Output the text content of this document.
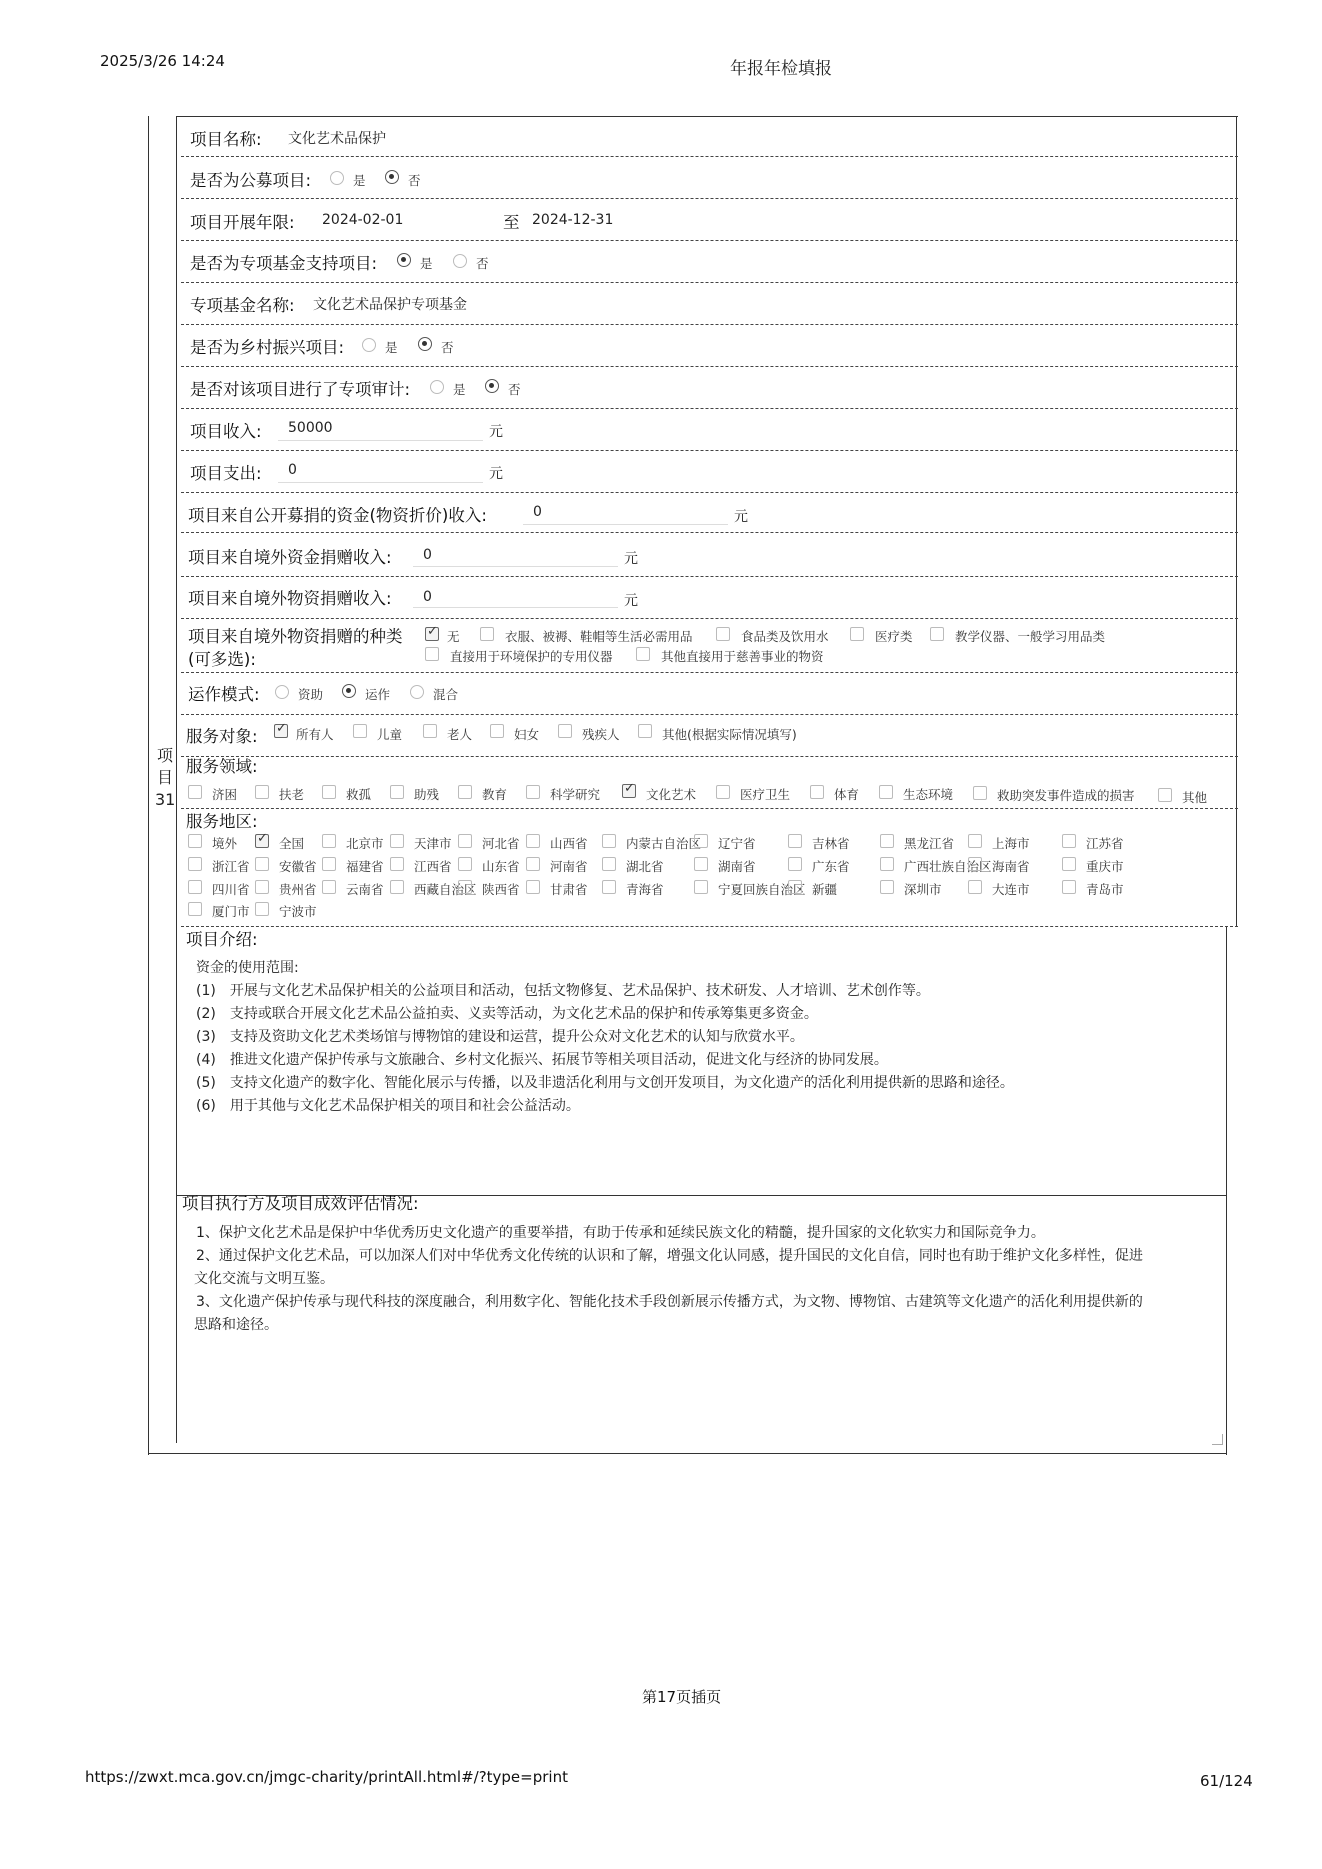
2025/3/26 14:24	年报年检填报
项目31
项目名称: 文化艺术品保护
是否为公募项目:	是	否
项目开展年限: 2024-02-01	至 2024-12-31
是否为专项基金支持项目:	是	否
专项基金名称: 文化艺术品保护专项基金
是否为乡村振兴项目:	是	否
是否对该项目进行了专项审计:	是	否
项目收入: 50000	元
项目支出: 0	元
项目来自公开募捐的资金(物资折价)收入:	0	元
项目来自境外资金捐赠收入: 0	元
项目来自境外物资捐赠收入: 0	元
项目来自境外物资捐赠的种类
(可多选):
✓
无	衣服、被褥、鞋帽等生活必需用品	食品类及饮用水	医疗类	教学仪器、一般学习用品类
直接用于环境保护的专用仪器	其他直接用于慈善事业的物资
运作模式:	资助	运作	混合
服务对象: ✓	所有人	儿童	老人	妇女	残疾人	其他(根据实际情况填写)
服务领域:
济困	扶老	救孤	助残	教育	科学研究 ✓	文化艺术	医疗卫生	体育	生态环境	救助突发事件造成的损害	其他
服务地区:
境外 ✓	全国	北京市 天津市 河北省 山西省	内蒙古自治区 辽宁省	吉林省	黑龙江省	上海市	江苏省
浙江省 安徽省 福建省 江西省 山东省 河南省	湖北省	湖南省	广东省	广西壮族自治区 海南省	重庆市
四川省 贵州省 云南省 西藏自治区 陕西省 甘肃省	青海省	宁夏回族自治区 新疆	深圳市	大连市	青岛市
厦门市 宁波市
项目介绍:
资金的使用范围:
(1)　开展与文化艺术品保护相关的公益项目和活动，包括文物修复、艺术品保护、技术研发、人才培训、艺术创作等。
(2)　支持或联合开展文化艺术品公益拍卖、义卖等活动，为文化艺术品的保护和传承筹集更多资金。
(3)　支持及资助文化艺术类场馆与博物馆的建设和运营，提升公众对文化艺术的认知与欣赏水平。
(4)　推进文化遗产保护传承与文旅融合、乡村文化振兴、拓展节等相关项目活动，促进文化与经济的协同发展。
(5)　支持文化遗产的数字化、智能化展示与传播，以及非遗活化利用与文创开发项目，为文化遗产的活化利用提供新的思路和途径。
(6)　用于其他与文化艺术品保护相关的项目和社会公益活动。
项目执行方及项目成效评估情况:
1、保护文化艺术品是保护中华优秀历史文化遗产的重要举措，有助于传承和延续民族文化的精髓，提升国家的文化软实力和国际竞争力。
2、通过保护文化艺术品，可以加深人们对中华优秀文化传统的认识和了解，增强文化认同感，提升国民的文化自信，同时也有助于维护文化多样性，促进
文化交流与文明互鉴。
3、文化遗产保护传承与现代科技的深度融合，利用数字化、智能化技术手段创新展示传播方式，为文物、博物馆、古建筑等文化遗产的活化利用提供新的
思路和途径。
第17页插页
https://zwxt.mca.gov.cn/jmgc-charity/printAll.html#/?type=print	61/124
